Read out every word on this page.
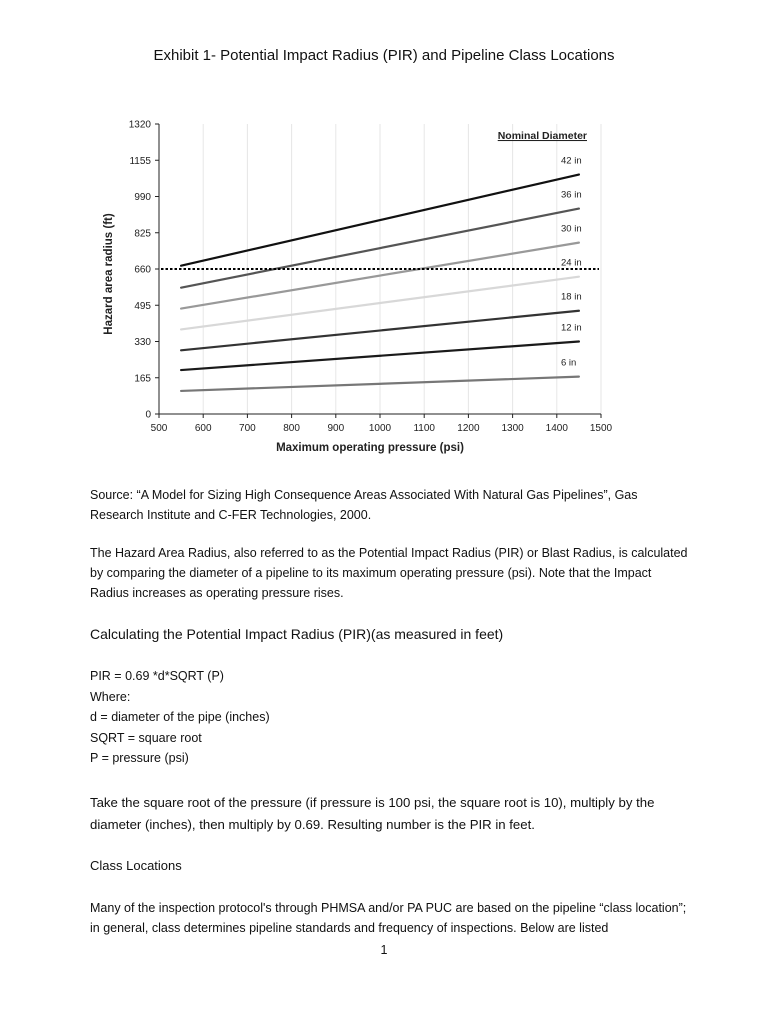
Exhibit 1- Potential Impact Radius (PIR) and Pipeline Class Locations
0
165
330
495
660
825
990
1155
1320
500	600	700	800	900 1000 1100 1200 1300 1400 1500
Maximum operating pressure (psi)
Hazard area radius (ft)
Nominal Diameter
42 in
36 in
30 in
24 in
18 in
12 in
6 in
Source: “A Model for Sizing High Consequence Areas Associated With Natural Gas Pipelines”, Gas Research Institute and C-FER Technologies, 2000.
The Hazard Area Radius, also referred to as the Potential Impact Radius (PIR) or Blast Radius, is calculated by comparing the diameter of a pipeline to its maximum operating pressure (psi). Note that the Impact Radius increases as operating pressure rises.
Calculating the Potential Impact Radius (PIR)(as measured in feet)
PIR = 0.69 *d*SQRT (P)
Where:
d = diameter of the pipe (inches)
SQRT = square root
P = pressure (psi)
Take the square root of the pressure (if pressure is 100 psi, the square root is 10), multiply by the diameter (inches), then multiply by 0.69. Resulting number is the PIR in feet.
Class Locations
Many of the inspection protocol's through PHMSA and/or PA PUC are based on the pipeline “class location”; in general, class determines pipeline standards and frequency of inspections. Below are listed
1
